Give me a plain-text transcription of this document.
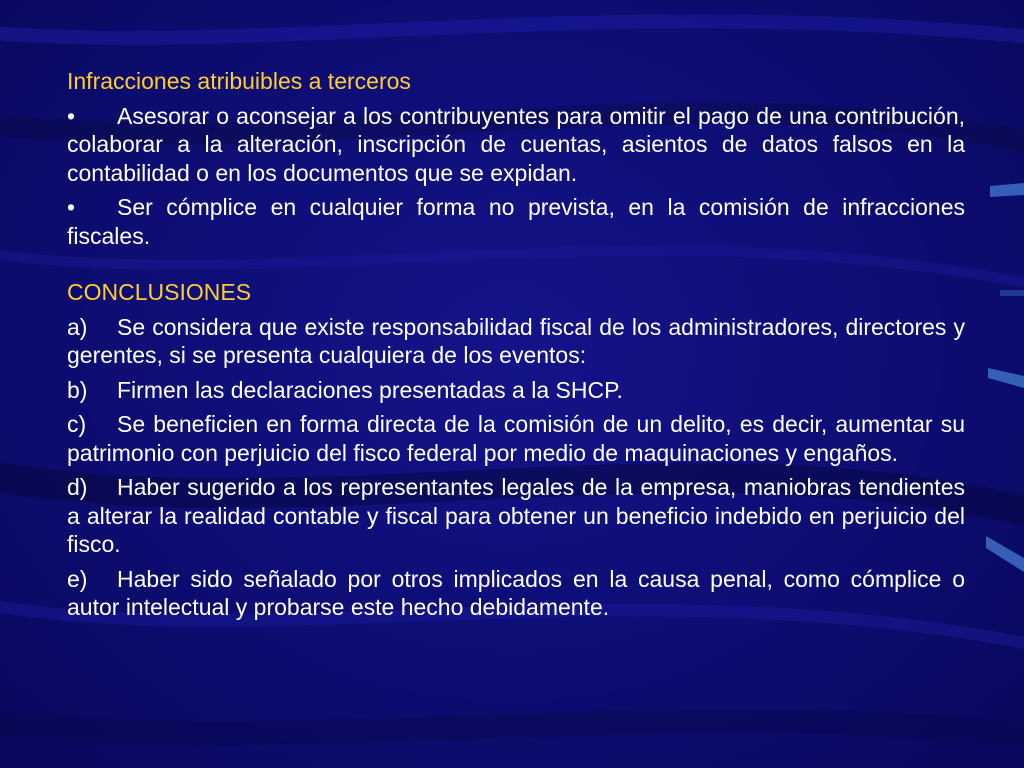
Infracciones atribuibles a terceros
• Asesorar o aconsejar a los contribuyentes para omitir el pago de una contribución, colaborar a la alteración, inscripción de cuentas, asientos de datos falsos en la contabilidad o en los documentos que se expidan.
• Ser cómplice en cualquier forma no prevista, en la comisión de infracciones fiscales.
CONCLUSIONES
a) Se considera que existe responsabilidad fiscal de los administradores, directores y gerentes, si se presenta cualquiera de los eventos:
b) Firmen las declaraciones presentadas a la SHCP.
c) Se beneficien en forma directa de la comisión de un delito, es decir, aumentar su patrimonio con perjuicio del fisco federal por medio de maquinaciones y engaños.
d) Haber sugerido a los representantes legales de la empresa, maniobras tendientes a alterar la realidad contable y fiscal para obtener un beneficio indebido en perjuicio del fisco.
e) Haber sido señalado por otros implicados en la causa penal, como cómplice o autor intelectual y probarse este hecho debidamente.
